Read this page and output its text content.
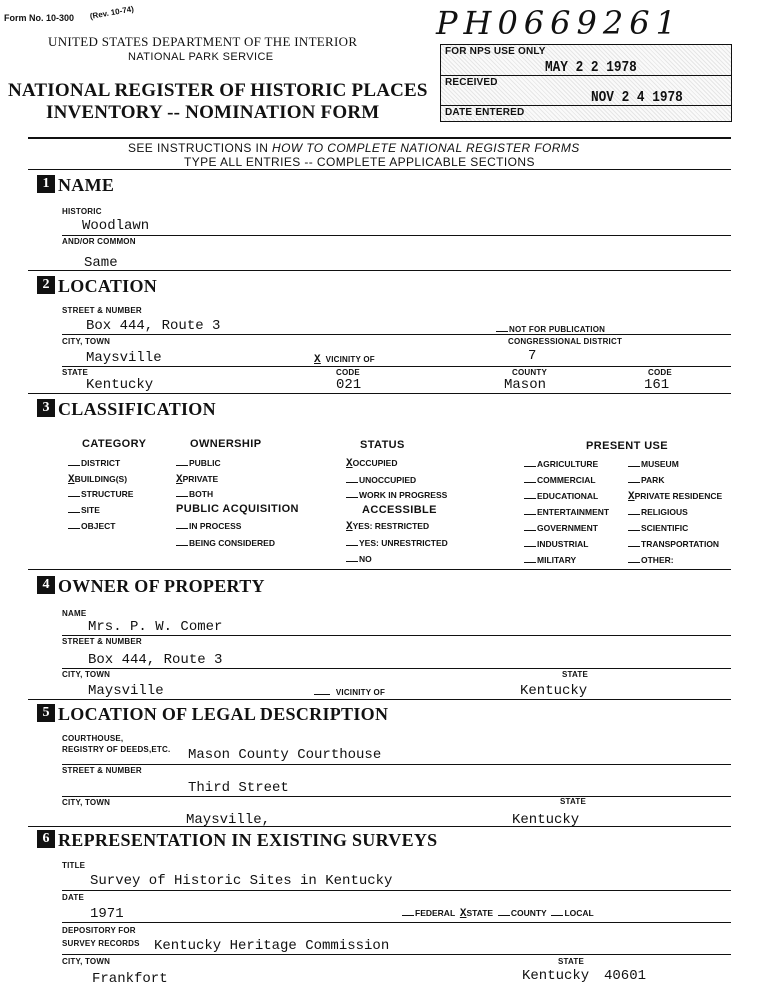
Form No. 10-300 (Rev. 10-74)
UNITED STATES DEPARTMENT OF THE INTERIOR
NATIONAL PARK SERVICE
NATIONAL REGISTER OF HISTORIC PLACES
INVENTORY -- NOMINATION FORM
PH0669261
FOR NPS USE ONLY
RECEIVED
MAY 2 2 1978
DATE ENTERED
NOV 2 4 1978
SEE INSTRUCTIONS IN HOW TO COMPLETE NATIONAL REGISTER FORMS
TYPE ALL ENTRIES -- COMPLETE APPLICABLE SECTIONS
1 NAME
HISTORIC
Woodlawn
AND/OR COMMON
Same
2 LOCATION
STREET & NUMBER
Box 444, Route 3	NOT FOR PUBLICATION
CITY, TOWN	CONGRESSIONAL DISTRICT
Maysville	X VICINITY OF	7
STATE	CODE	COUNTY	CODE
Kentucky	021	Mason	161
3 CLASSIFICATION
CATEGORY
DISTRICT
XBUILDING(S)
STRUCTURE
SITE
OBJECT
OWNERSHIP
PUBLIC
XPRIVATE
BOTH
PUBLIC ACQUISITION
IN PROCESS
BEING CONSIDERED
STATUS
XOCCUPIED
UNOCCUPIED
WORK IN PROGRESS
ACCESSIBLE
XYES: RESTRICTED
YES: UNRESTRICTED
NO
PRESENT USE
AGRICULTURE
COMMERCIAL
EDUCATIONAL
ENTERTAINMENT
GOVERNMENT
INDUSTRIAL
MILITARY
MUSEUM
PARK
XPRIVATE RESIDENCE
RELIGIOUS
SCIENTIFIC
TRANSPORTATION
OTHER:
4 OWNER OF PROPERTY
NAME
Mrs. P. W. Comer
STREET & NUMBER
Box 444, Route 3
CITY, TOWN	STATE
Maysville	VICINITY OF	Kentucky
5 LOCATION OF LEGAL DESCRIPTION
COURTHOUSE,
REGISTRY OF DEEDS,ETC. Mason County Courthouse
STREET & NUMBER
Third Street
CITY, TOWN	STATE
Maysville,	Kentucky
6 REPRESENTATION IN EXISTING SURVEYS
TITLE
Survey of Historic Sites in Kentucky
DATE
1971	FEDERAL XSTATE COUNTY LOCAL
DEPOSITORY FOR
SURVEY RECORDS Kentucky Heritage Commission
CITY, TOWN	STATE
Frankfort	Kentucky 40601
